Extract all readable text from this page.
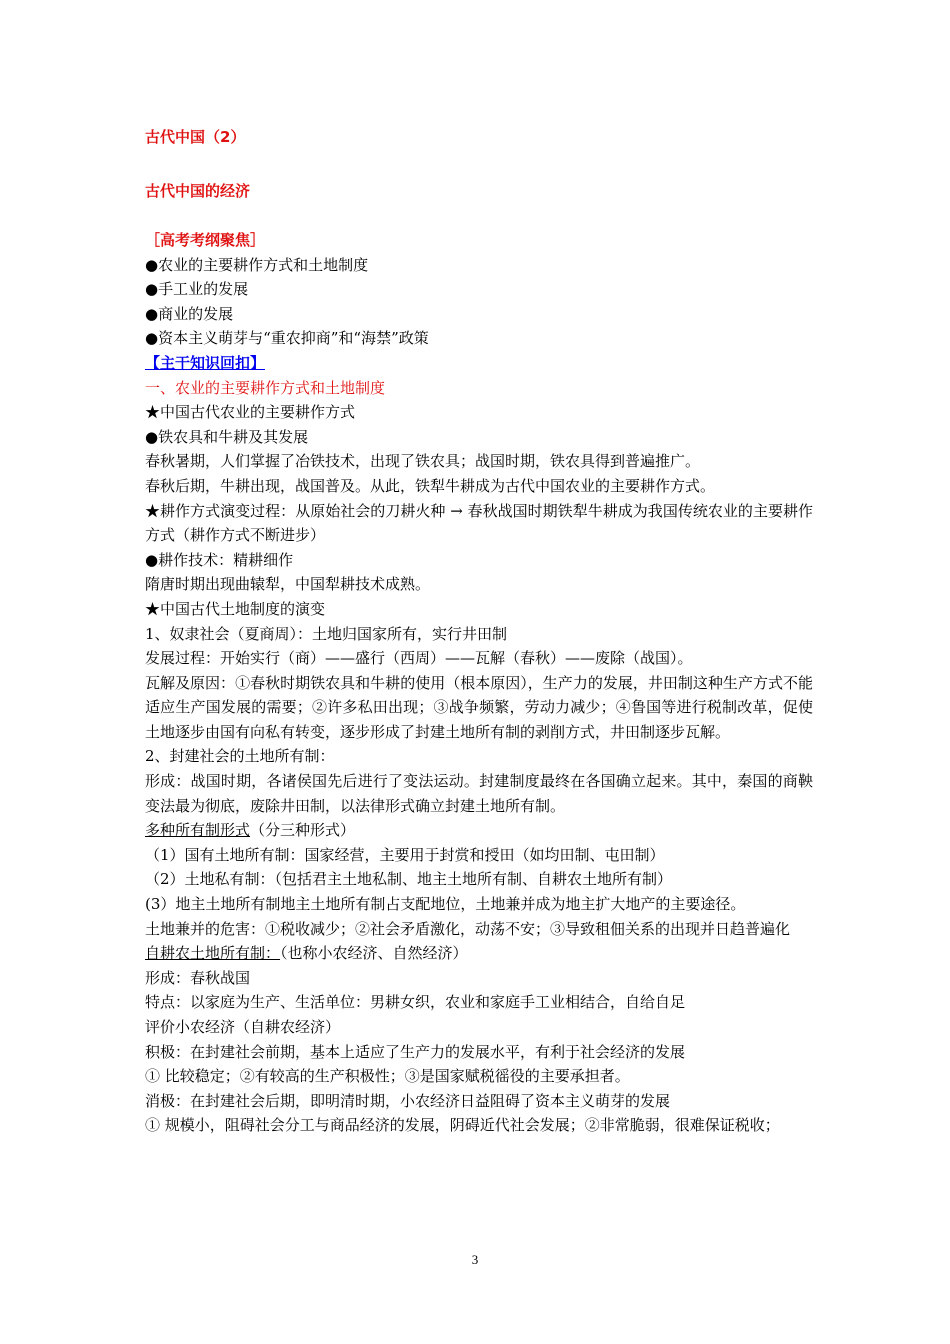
古代中国（2）
古代中国的经济
［高考考纲聚焦］
●农业的主要耕作方式和土地制度
●手工业的发展
●商业的发展
●资本主义萌芽与“重农抑商”和“海禁”政策
【主干知识回扣】
一、农业的主要耕作方式和土地制度
★中国古代农业的主要耕作方式
●铁农具和牛耕及其发展
春秋暑期，人们掌握了冶铁技术，出现了铁农具；战国时期，铁农具得到普遍推广。
春秋后期，牛耕出现，战国普及。从此，铁犁牛耕成为古代中国农业的主要耕作方式。
★耕作方式演变过程：从原始社会的刀耕火种 → 春秋战国时期铁犁牛耕成为我国传统农业的主要耕作方式（耕作方式不断进步）
●耕作技术：精耕细作
隋唐时期出现曲辕犁，中国犁耕技术成熟。
★中国古代土地制度的演变
1、奴隶社会（夏商周）：土地归国家所有，实行井田制
发展过程：开始实行（商）——盛行（西周）——瓦解（春秋）——废除（战国）。
瓦解及原因：①春秋时期铁农具和牛耕的使用（根本原因），生产力的发展，井田制这种生产方式不能适应生产国发展的需要；②许多私田出现；③战争频繁，劳动力减少；④鲁国等进行税制改革，促使土地逐步由国有向私有转变，逐步形成了封建土地所有制的剥削方式，井田制逐步瓦解。
2、封建社会的土地所有制：
形成：战国时期，各诸侯国先后进行了变法运动。封建制度最终在各国确立起来。其中，秦国的商鞅变法最为彻底，废除井田制，以法律形式确立封建土地所有制。
多种所有制形式（分三种形式）
（1）国有土地所有制：国家经营，主要用于封赏和授田（如均田制、屯田制）
（2）土地私有制：（包括君主土地私制、地主土地所有制、自耕农土地所有制）
(3）地主土地所有制地主土地所有制占支配地位，土地兼并成为地主扩大地产的主要途径。
土地兼并的危害：①税收减少；②社会矛盾激化，动荡不安；③导致租佃关系的出现并日趋普遍化
自耕农土地所有制：（也称小农经济、自然经济）
形成：春秋战国
特点：以家庭为生产、生活单位：男耕女织，农业和家庭手工业相结合，自给自足
评价小农经济（自耕农经济）
积极：在封建社会前期，基本上适应了生产力的发展水平，有利于社会经济的发展
① 比较稳定；②有较高的生产积极性；③是国家赋税徭役的主要承担者。
消极：在封建社会后期，即明清时期，小农经济日益阻碍了资本主义萌芽的发展
① 规模小，阻碍社会分工与商品经济的发展，阴碍近代社会发展；②非常脆弱，很难保证税收；
3
